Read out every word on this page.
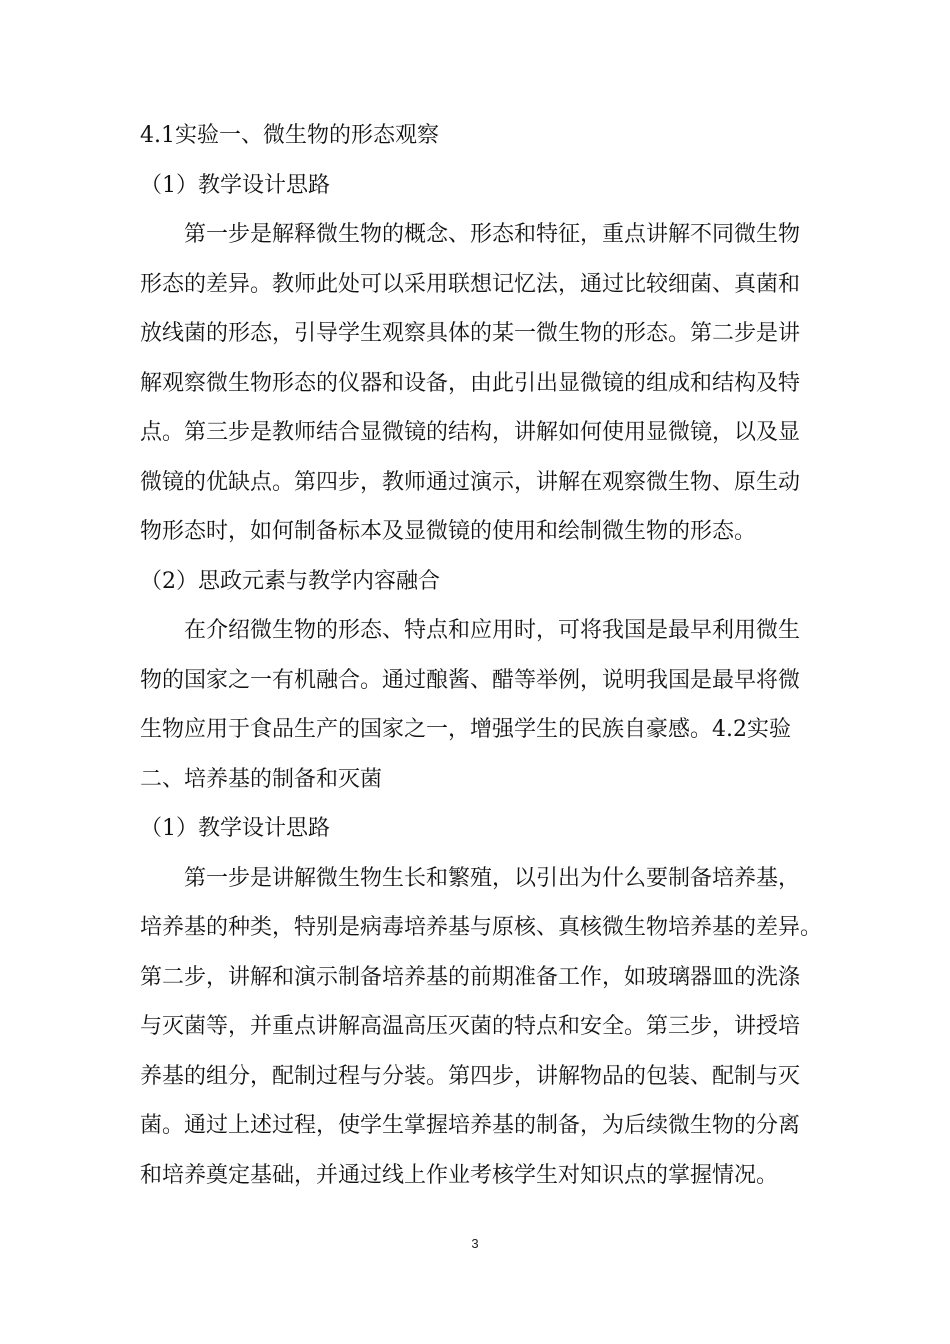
4.1实验一、微生物的形态观察
（1）教学设计思路
第一步是解释微生物的概念、形态和特征，重点讲解不同微生物
形态的差异。教师此处可以采用联想记忆法，通过比较细菌、真菌和
放线菌的形态，引导学生观察具体的某一微生物的形态。第二步是讲
解观察微生物形态的仪器和设备，由此引出显微镜的组成和结构及特
点。第三步是教师结合显微镜的结构，讲解如何使用显微镜，以及显
微镜的优缺点。第四步，教师通过演示，讲解在观察微生物、原生动
物形态时，如何制备标本及显微镜的使用和绘制微生物的形态。
（2）思政元素与教学内容融合
在介绍微生物的形态、特点和应用时，可将我国是最早利用微生
物的国家之一有机融合。通过酿酱、醋等举例，说明我国是最早将微
生物应用于食品生产的国家之一，增强学生的民族自豪感。4.2实验
二、培养基的制备和灭菌
（1）教学设计思路
第一步是讲解微生物生长和繁殖，以引出为什么要制备培养基，
培养基的种类，特别是病毒培养基与原核、真核微生物培养基的差异。
第二步，讲解和演示制备培养基的前期准备工作，如玻璃器皿的洗涤
与灭菌等，并重点讲解高温高压灭菌的特点和安全。第三步，讲授培
养基的组分，配制过程与分装。第四步，讲解物品的包装、配制与灭
菌。通过上述过程，使学生掌握培养基的制备，为后续微生物的分离
和培养奠定基础，并通过线上作业考核学生对知识点的掌握情况。
3
